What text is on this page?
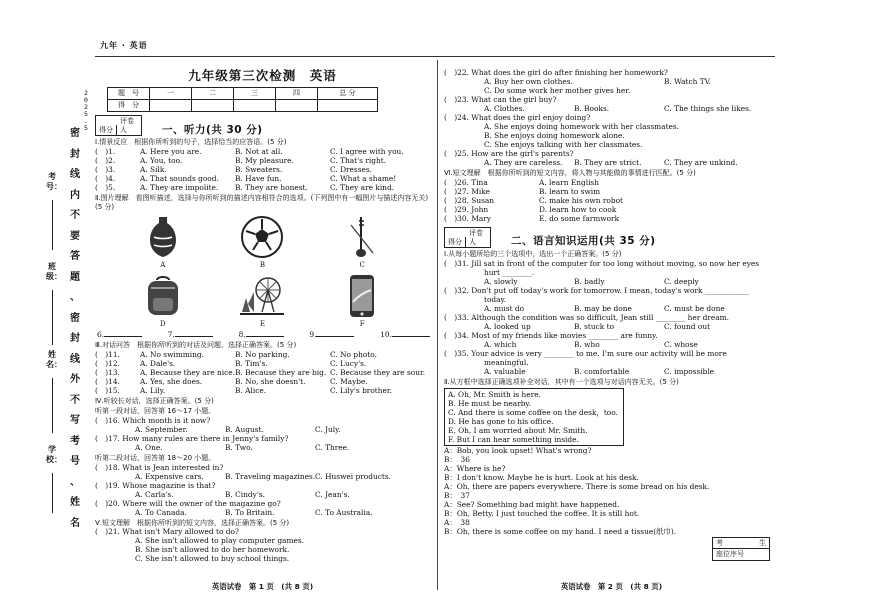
九年 · 英语
2
0
2
5
.
5
考号：
班级：
姓名：
学校：
密
封
线
内
不
要
答
题
、
密
封
线
外
不
写
考
号
、
姓
名
九年级第三次检测　英语
题　号	一	二	三	四	总 分
得　分					
得分评卷人	一、听力(共 30 分)
Ⅰ.情景反应　根据你所听到的句子，选择恰当的应答语。(5 分)
(　)1.	A. Here you are.	B. Not at all.	C. I agree with you.
(　)2.	A. You, too.	B. My pleasure.	C. That's right.
(　)3.	A. Silk.	B. Sweaters.	C. Dresses.
(　)4.	A. That sounds good.	B. Have fun.	C. What a shame!
(　)5.	A. They are impolite.	B. They are honest.	C. They are kind.
Ⅱ.图片理解　看图听描述，选择与你所听到的描述内容相符合的选项。(下列图中有一幅图片与描述内容无关)(5 分)
A	B	C
D	E	F
6.	7.	8.	9.	10.
Ⅲ.对话问答　根据你所听到的对话及问题，选择正确答案。(5 分)
(　)11.	A. No swimming.	B. No parking.	C. No photo.
(　)12.	A. Dale's.	B. Tim's.	C. Lucy's.
(　)13.	A. Because they are nice. B. Because they are big. C. Because they are sour.
(　)14.	A. Yes, she does.	B. No, she doesn't.	C. Maybe.
(　)15.	A. Lily.	B. Alice.	C. Lily's brother.
Ⅳ.听较长对话，选择正确答案。(5 分)
听第一段对话，回答第 16～17 小题。
(　)16. Which month is it now?
A. September.	B. August.	C. July.
(　)17. How many rules are there in Jenny's family?
A. One.	B. Two.	C. Three.
听第二段对话，回答第 18～20 小题。
(　)18. What is Jean interested in?
A. Expensive cars.	B. Traveling magazines. C. Huswei products.
(　)19. Whose magazine is that?
A. Carla's.	B. Cindy's.	C. Jean's.
(　)20. Where will the owner of the magazine go?
A. To Canada.	B. To Britain.	C. To Australia.
Ⅴ.短文理解　根据你所听到的短文内容，选择正确答案。(5 分)
(　)21. What isn't Mary allowed to do?
A. She isn't allowed to play computer games.
B. She isn't allowed to do her homework.
C. She isn't allowed to buy school things.
英语试卷　第 1 页　(共 8 页)
(　)22. What does the girl do after finishing her homework?
A. Buy her own clothes.	B. Watch TV.
C. Do some work her mother gives her.
(　)23. What can the girl buy?
A. Clothes.	B. Books.	C. The things she likes.
(　)24. What does the girl enjoy doing?
A. She enjoys doing homework with her classmates.
B. She enjoys doing homework alone.
C. She enjoys talking with her classmates.
(　)25. How are the girl's parents?
A. They are careless.	B. They are strict.	C. They are unkind.
Ⅵ.短文理解　根据你所听到的短文内容，将人物与其能做的事情进行匹配。(5 分)
(　)26. Tina	A. learn English
(　)27. Mike	B. learn to swim
(　)28. Susan	C. make his own robot
(　)29. John	D. learn how to cook
(　)30. Mary	E. do some farmwork
得分评卷人	二、语言知识运用(共 35 分)
Ⅰ.从每小题所给的三个选项中，选出一个正确答案。(5 分)
(　)31. Jill sat in front of the computer for too long without moving, so now her eyes
hurt ________.
A. slowly	B. badly	C. deeply
(　)32. Don't put off today's work for tomorrow. I mean, today's work ____________
today.
A. must do	B. may be done	C. must be done
(　)33. Although the condition was so difficult, Jean still ________ her dream.
A. looked up	B. stuck to	C. found out
(　)34. Most of my friends like movies ________ are funny.
A. which	B. who	C. whose
(　)35. Your advice is very ________ to me. I'm sure our activity will be more
meaningful.
A. valuable	B. comfortable	C. impossible
Ⅱ.从方框中选择正确选项补全对话，其中有一个选项与对话内容无关。(5 分)
A. Oh, Mr. Smith is here.
B. He must be nearby.
C. And there is some coffee on the desk，too.
D. He has gone to his office.
E. Oh, I am worried about Mr. Smith.
F. But I can hear something inside.
A：Bob, you look upset! What's wrong?
B：　36　
A：Where is he?
B：I don't know. Maybe he is hurt. Look at his desk.
A：Oh, there are papers everywhere. There is some bread on his desk.
B：　37　
A：See? Something bad might have happened.
B：Oh, Betty. I just touched the coffee. It is still hot.
A：　38　
B：Oh, there is some coffee on my hand. I need a tissue(纸巾).
英语试卷　第 2 页　(共 8 页)
考	生
座位序号
